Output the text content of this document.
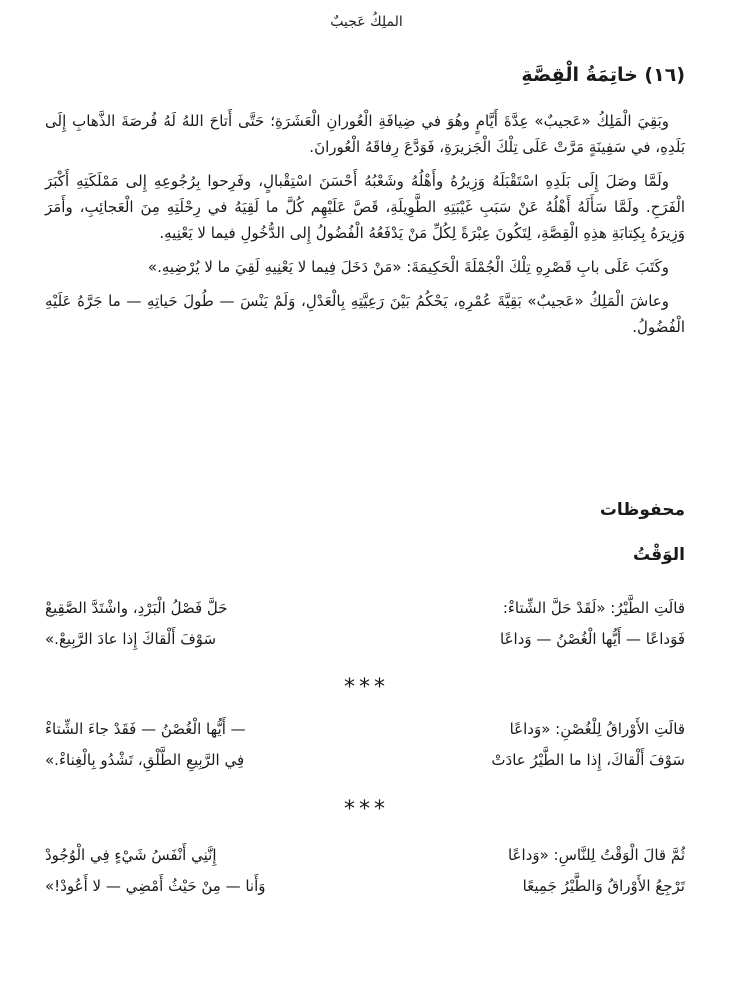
الملِكُ عَجيبٌ
(١٦) خاتِمَةُ الْقِصَّةِ

وبَقِيَ الْمَلِكُ «عَجيبٌ» عِدَّةَ أَيَّامٍ وهُوَ في ضِيافَةِ الْعُورانِ الْعَشَرَةِ؛ حَتَّى أَتاحَ اللهُ لَهُ فُرصَةَ الذَّهابِ إِلَى بَلَدِهِ، في سَفِينَةٍ مَرَّتْ عَلَى تِلْكَ الْجَزيرَةِ، فَوَدَّعَ رِفاقَهُ الْعُورانَ.

ولَمَّا وصَلَ إِلَى بَلَدِهِ اسْتَقْبَلَهُ وَزِيرُهُ وأَهْلُهُ وشَعْبُهُ أَحْسَنَ اسْتِقْبالٍ، وفَرِحوا بِرُجُوعِهِ إِلى مَمْلَكَتِهِ أَكْبَرَ الْفَرَحِ. ولَمَّا سَأَلَهُ أَهْلُهُ عَنْ سَبَبِ غَيْبَتِهِ الطَّوِيلَةِ، قَصَّ عَلَيْهِم كُلَّ ما لَقِيَهُ في رِحْلَتِهِ مِنَ الْعَجائِبِ، وأَمَرَ وَزِيرَهُ بِكِتابَةِ هذِهِ الْقِصَّةِ، لِتَكُونَ عِبْرَةً لِكُلِّ مَنْ يَدْفَعُهُ الْفُضُولُ إِلى الدُّخُولِ فيما لا يَعْنِيهِ.

وكَتَبَ عَلَى بابِ قَصْرِهِ تِلْكَ الْجُمْلَةَ الْحَكِيمَةَ: «مَنْ دَخَلَ فِيما لا يَعْنِيهِ لَقِيَ ما لا يُرْضِيهِ.»

وعاشَ الْمَلِكُ «عَجيبٌ» بَقِيَّةَ عُمْرِهِ، يَحْكُمُ بَيْنَ رَعِيَّتِهِ بِالْعَدْلِ، وَلَمْ يَنْسَ — طُولَ حَياتِهِ — ما جَرَّهُ عَلَيْهِ الْفُضُولُ.

محفوظات
الوَقْتُ
قالَتِ الطَّيْرُ: «لَقَدْ حَلَّ الشِّتاءْ:
حَلَّ فَصْلُ الْبَرْدِ، واشْتَدَّ الصَّقِيعْ
فَوَداعًا — أَيُّها الْغُصْنُ — وَداعًا
سَوْفَ أَلْقاكَ إِذا عادَ الرَّبِيعْ.»
***
قالَتِ الأَوْراقُ لِلْغُصْنِ: «وَداعًا
— أَيُّها الْغُصْنُ — فَقَدْ جاءَ الشِّتاءْ
سَوْفَ أَلْقاكَ، إِذا ما الطَّيْرُ عادَتْ
فِي الرَّبِيعِ الطَّلْقِ، تَشْدُو بِالْغِناءْ.»
***
ثُمَّ قالَ الْوَقْتُ لِلنَّاسِ: «وَداعًا
إِنَّنِي أَنْفَسُ شَيْءٍ فِي الْوُجُودْ
تَرْجِعُ الأَوْراقُ وَالطَّيْرُ جَمِيعًا
وَأَنا — مِنْ حَيْثُ أَمْضِي — لا أَعُودْ!»
